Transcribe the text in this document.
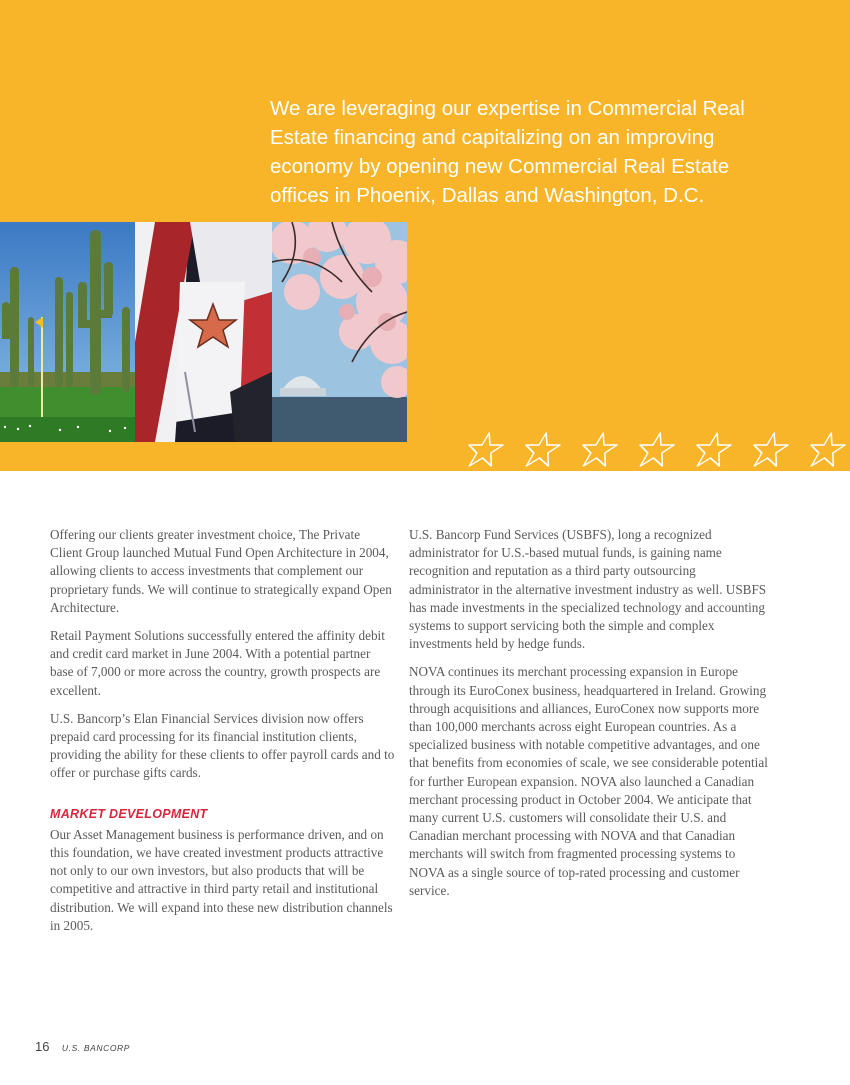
We are leveraging our expertise in Commercial Real Estate financing and capitalizing on an improving economy by opening new Commercial Real Estate offices in Phoenix, Dallas and Washington, D.C.

Offering our clients greater investment choice, The Private Client Group launched Mutual Fund Open Architecture in 2004, allowing clients to access investments that complement our proprietary funds. We will continue to strategically expand Open Architecture.

Retail Payment Solutions successfully entered the affinity debit and credit card market in June 2004. With a potential partner base of 7,000 or more across the country, growth prospects are excellent.

U.S. Bancorp’s Elan Financial Services division now offers prepaid card processing for its financial institution clients, providing the ability for these clients to offer payroll cards and to offer or purchase gifts cards.

MARKET DEVELOPMENT

Our Asset Management business is performance driven, and on this foundation, we have created investment products attractive not only to our own investors, but also products that will be competitive and attractive in third party retail and institutional distribution. We will expand into these new distribution channels in 2005.

U.S. Bancorp Fund Services (USBFS), long a recognized administrator for U.S.-based mutual funds, is gaining name recognition and reputation as a third party outsourcing administrator in the alternative investment industry as well. USBFS has made investments in the specialized technology and accounting systems to support servicing both the simple and complex investments held by hedge funds.

NOVA continues its merchant processing expansion in Europe through its EuroConex business, headquartered in Ireland. Growing through acquisitions and alliances, EuroConex now supports more than 100,000 merchants across eight European countries. As a specialized business with notable competitive advantages, and one that benefits from economies of scale, we see considerable potential for further European expansion. NOVA also launched a Canadian merchant processing product in October 2004. We anticipate that many current U.S. customers will consolidate their U.S. and Canadian merchant processing with NOVA and that Canadian merchants will switch from fragmented processing systems to NOVA as a single source of top-rated processing and customer service.

16 U.S. BANCORP
